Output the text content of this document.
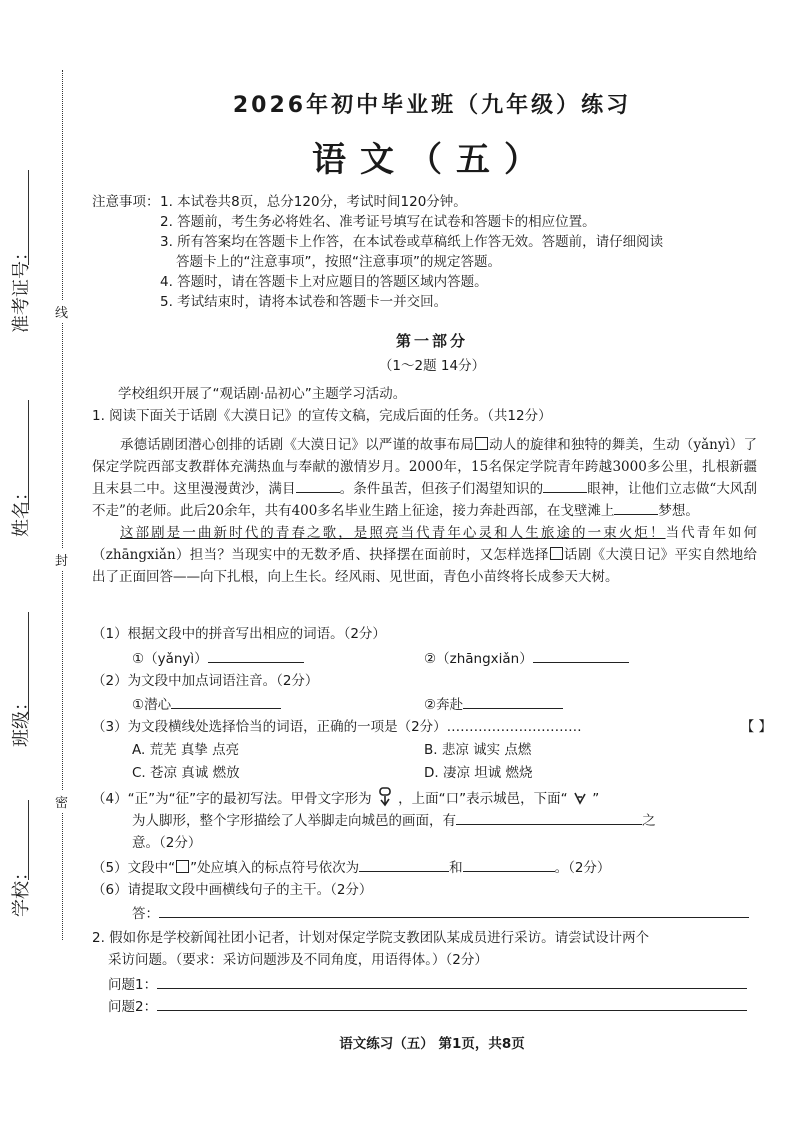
线
封
密
准考证号：
姓名：
班级：
学校：
2026年初中毕业班（九年级）练习
语文（五）
注意事项： 1. 本试卷共8页，总分120分，考试时间120分钟。
2. 答题前，考生务必将姓名、准考证号填写在试卷和答题卡的相应位置。
3. 所有答案均在答题卡上作答，在本试卷或草稿纸上作答无效。答题前，请仔细阅读
答题卡上的“注意事项”，按照“注意事项”的规定答题。
4. 答题时，请在答题卡上对应题目的答题区域内答题。
5. 考试结束时，请将本试卷和答题卡一并交回。
第一部分
（1～2题 14分）
学校组织开展了“观话剧·品初心”主题学习活动。
1. 阅读下面关于话剧《大漠日记》的宣传文稿，完成后面的任务。（共12分）

承德话剧团潜心创排的话剧《大漠日记》以严谨的故事布局 动人的旋律和独特的舞美，生动（yǎnyì）了保定学院西部支教群体充满热血与奉献的激情岁月。2000年，15名保定学院青年跨越3000多公里，扎根新疆且末县二中。这里漫漫黄沙，满目	。条件虽苦，但孩子们渴望知识的	眼神，让他们立志做“大风刮不走”的老师。此后20余年，共有400多名毕业生踏上征途，接力奔赴西部，在戈壁滩上	梦想。

这部剧是一曲新时代的青春之歌，是照亮当代青年心灵和人生旅途的一束火炬！当代青年如何（zhāngxiǎn）担当？当现实中的无数矛盾、抉择摆在面前时，又怎样选择 话剧《大漠日记》平实自然地给出了正面回答——向下扎根，向上生长。经风雨、见世面，青色小苗终将长成参天大树。

（1）根据文段中的拼音写出相应的词语。（2分）
①（yǎnyì）	②（zhāngxiǎn）
（2）为文段中加点词语注音。（2分）
①潜心	②奔赴
（3）为文段横线处选择恰当的词语，正确的一项是（2分）…………………………	【 】
A. 荒芜 真挚 点亮	B. 悲凉 诚实 点燃
C. 苍凉 真诚 燃放	D. 凄凉 坦诚 燃烧
（4）“正”为“征”字的最初写法。甲骨文字形为 ，上面“口”表示城邑，下面“ ”
为人脚形，整个字形描绘了人举脚走向城邑的画面，有	之
意。（2分）
（5）文段中“ ”处应填入的标点符号依次为	和	。（2分）
（6）请提取文段中画横线句子的主干。（2分）
答：
2. 假如你是学校新闻社团小记者，计划对保定学院支教团队某成员进行采访。请尝试设计两个
采访问题。（要求：采访问题涉及不同角度，用语得体。）（2分）
问题1：
问题2：
语文练习（五） 第1页，共8页
